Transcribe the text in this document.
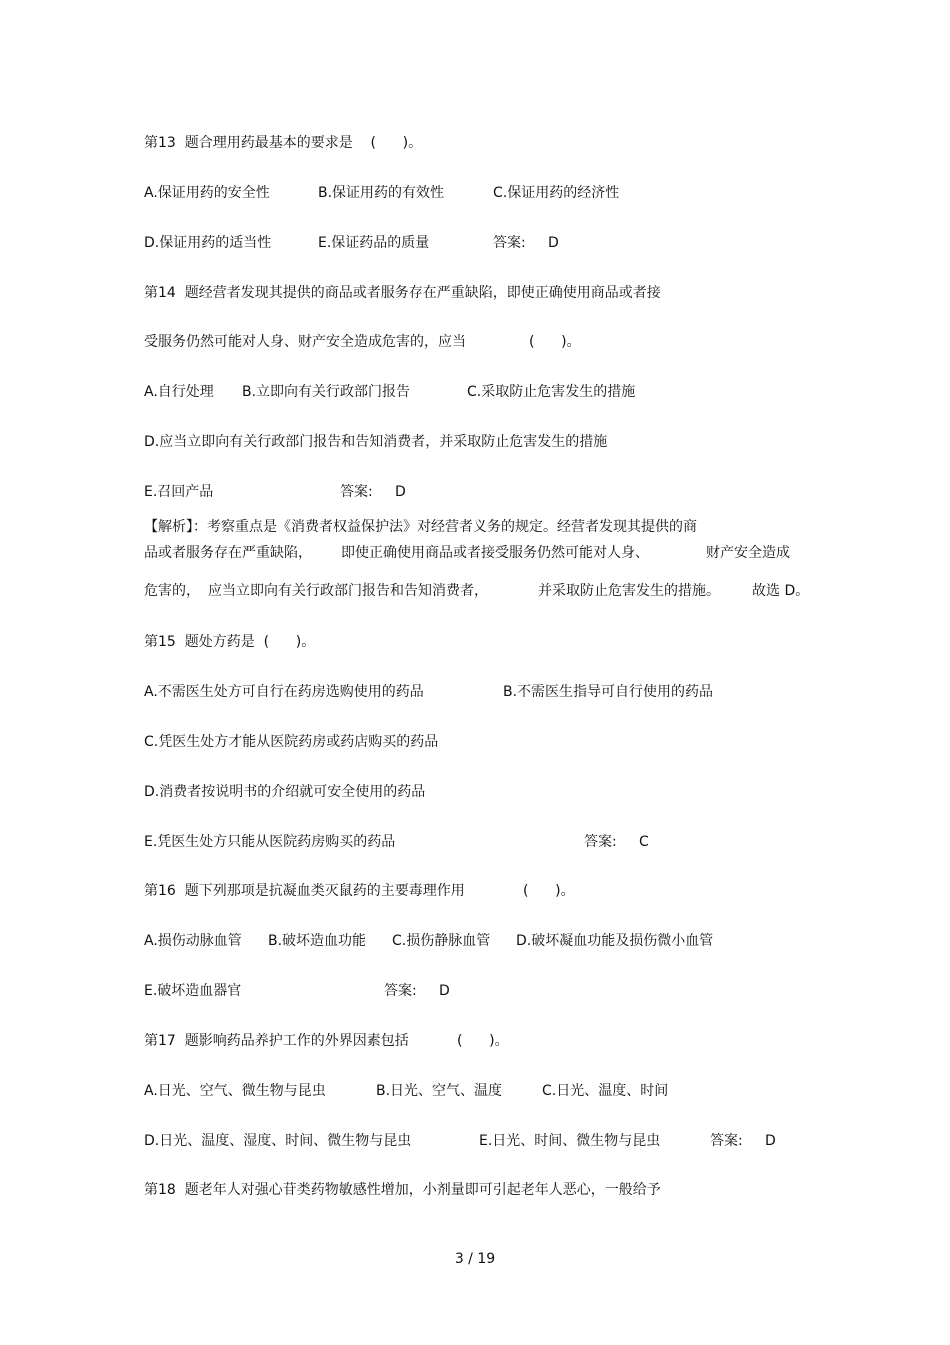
第13  题合理用药最基本的要求是    (      )。
A.保证用药的安全性	B.保证用药的有效性	C.保证用药的经济性
D.保证用药的适当性	E.保证药品的质量	答案:     D
第14  题经营者发现其提供的商品或者服务存在严重缺陷，即使正确使用商品或者接
受服务仍然可能对人身、财产安全造成危害的，应当	(      )。
A.自行处理 B.立即向有关行政部门报告	C.采取防止危害发生的措施
D.应当立即向有关行政部门报告和告知消费者，并采取防止危害发生的措施
E.召回产品	答案:     D
【解析】：考察重点是《消费者权益保护法》对经营者义务的规定。经营者发现其提供的商
品或者服务存在严重缺陷， 即使正确使用商品或者接受服务仍然可能对人身、	财产安全造成
危害的， 应当立即向有关行政部门报告和告知消费者，	并采取防止危害发生的措施。 故选 D。
第15  题处方药是  (      )。
A.不需医生处方可自行在药房选购使用的药品	B.不需医生指导可自行使用的药品
C.凭医生处方才能从医院药房或药店购买的药品
D.消费者按说明书的介绍就可安全使用的药品
E.凭医生处方只能从医院药房购买的药品	答案:     C
第16  题下列那项是抗凝血类灭鼠药的主要毒理作用	(      )。
A.损伤动脉血管 B.破坏造血功能 C.损伤静脉血管 D.破坏凝血功能及损伤微小血管
E.破坏造血器官	答案:     D
第17  题影响药品养护工作的外界因素包括	(      )。
A.日光、空气、微生物与昆虫	B.日光、空气、温度	C.日光、温度、时间
D.日光、温度、湿度、时间、微生物与昆虫	E.日光、时间、微生物与昆虫	答案:     D
第18  题老年人对强心苷类药物敏感性增加，小剂量即可引起老年人恶心，一般给予
3 / 19
